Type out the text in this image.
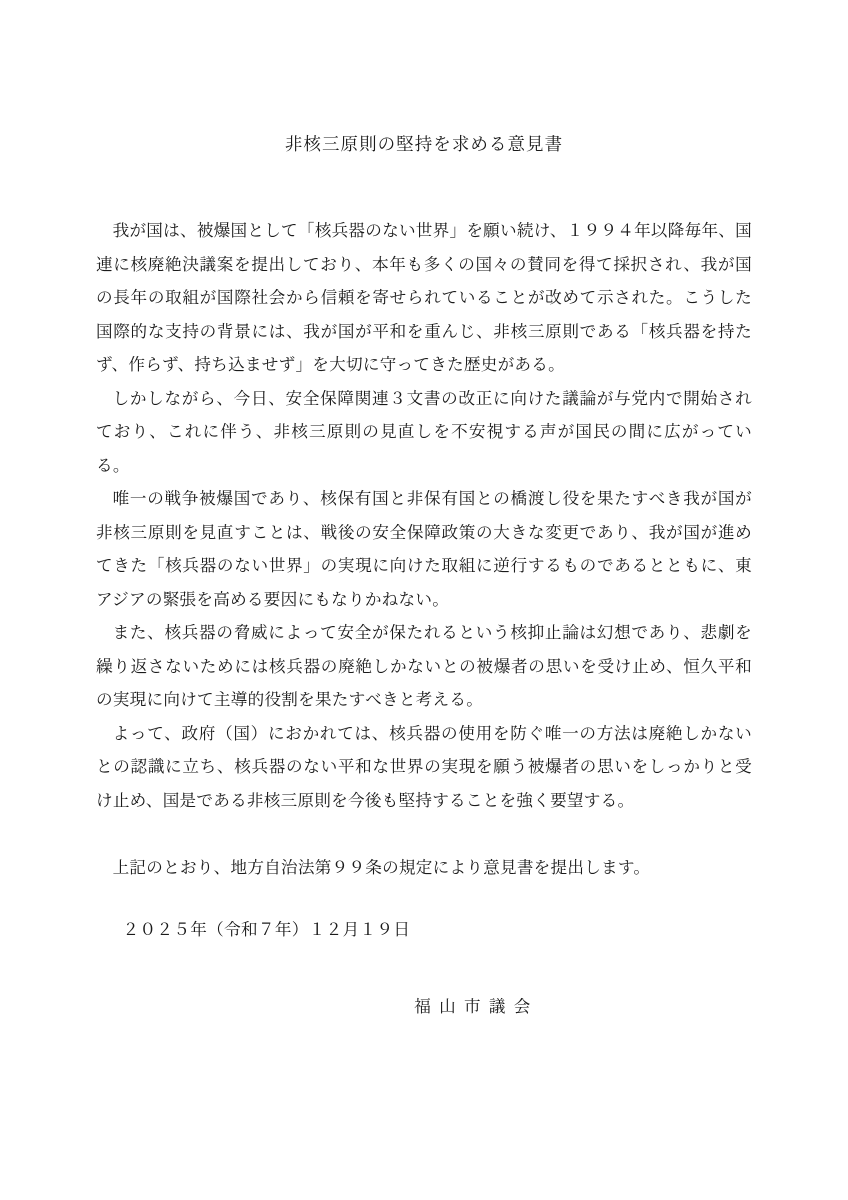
非核三原則の堅持を求める意見書

我が国は、被爆国として「核兵器のない世界」を願い続け、１９９４年以降毎年、国連に核廃絶決議案を提出しており、本年も多くの国々の賛同を得て採択され、我が国の長年の取組が国際社会から信頼を寄せられていることが改めて示された。こうした国際的な支持の背景には、我が国が平和を重んじ、非核三原則である「核兵器を持たず、作らず、持ち込ませず」を大切に守ってきた歴史がある。

しかしながら、今日、安全保障関連３文書の改正に向けた議論が与党内で開始されており、これに伴う、非核三原則の見直しを不安視する声が国民の間に広がっている。

唯一の戦争被爆国であり、核保有国と非保有国との橋渡し役を果たすべき我が国が非核三原則を見直すことは、戦後の安全保障政策の大きな変更であり、我が国が進めてきた「核兵器のない世界」の実現に向けた取組に逆行するものであるとともに、東アジアの緊張を高める要因にもなりかねない。

また、核兵器の脅威によって安全が保たれるという核抑止論は幻想であり、悲劇を繰り返さないためには核兵器の廃絶しかないとの被爆者の思いを受け止め、恒久平和の実現に向けて主導的役割を果たすべきと考える。

よって、政府（国）におかれては、核兵器の使用を防ぐ唯一の方法は廃絶しかないとの認識に立ち、核兵器のない平和な世界の実現を願う被爆者の思いをしっかりと受け止め、国是である非核三原則を今後も堅持することを強く要望する。

上記のとおり、地方自治法第９９条の規定により意見書を提出します。

２０２５年（令和７年）１２月１９日

福山市議会
